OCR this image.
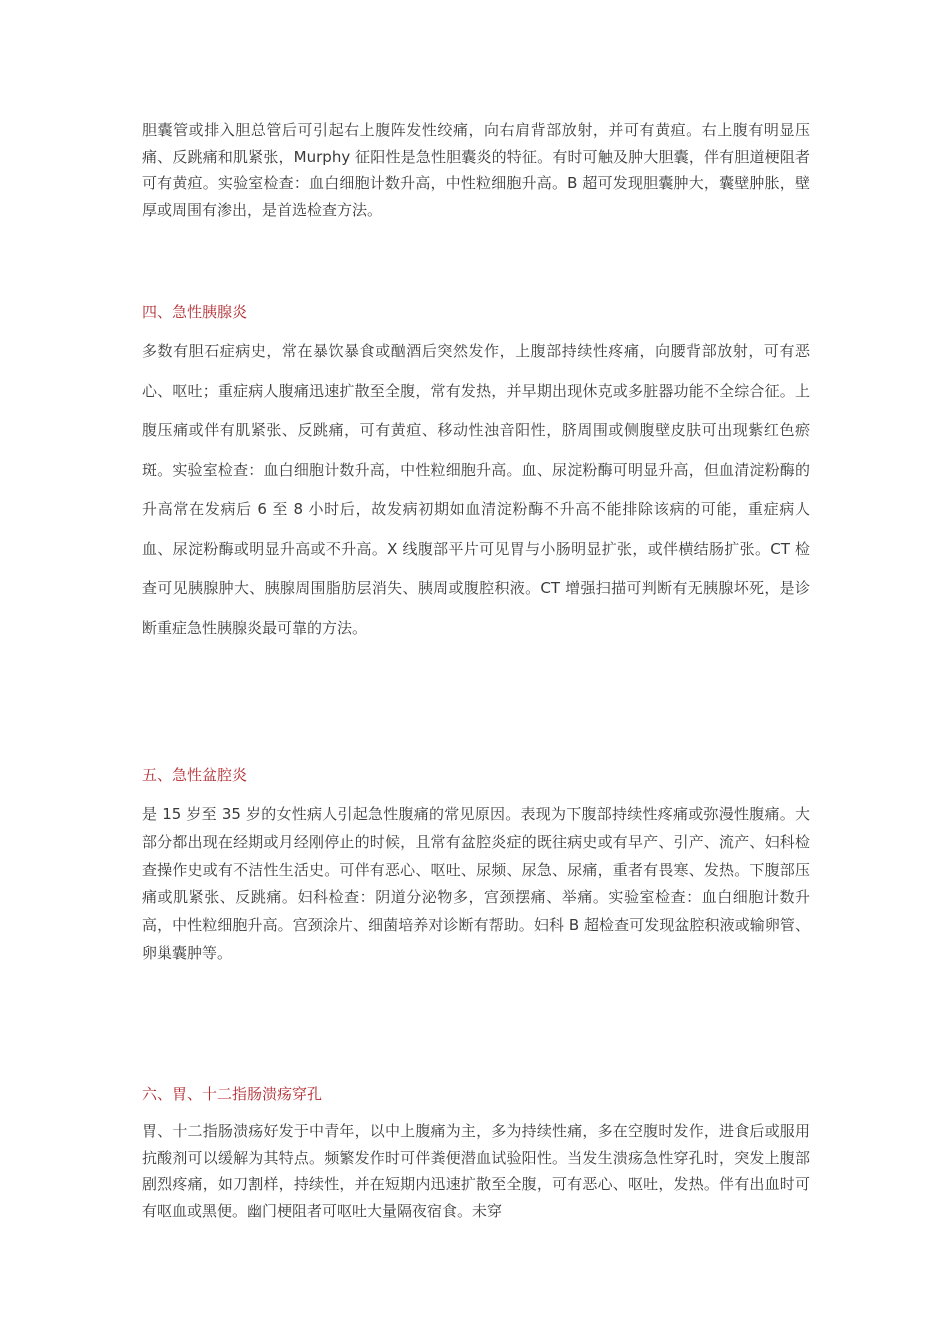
胆囊管或排入胆总管后可引起右上腹阵发性绞痛，向右肩背部放射，并可有黄疸。右上腹有明显压痛、反跳痛和肌紧张，Murphy 征阳性是急性胆囊炎的特征。有时可触及肿大胆囊，伴有胆道梗阻者可有黄疸。实验室检查：血白细胞计数升高，中性粒细胞升高。B 超可发现胆囊肿大，囊壁肿胀，壁厚或周围有渗出，是首选检查方法。

四、急性胰腺炎

多数有胆石症病史，常在暴饮暴食或酗酒后突然发作，上腹部持续性疼痛，向腰背部放射，可有恶心、呕吐；重症病人腹痛迅速扩散至全腹，常有发热，并早期出现休克或多脏器功能不全综合征。上腹压痛或伴有肌紧张、反跳痛，可有黄疸、移动性浊音阳性，脐周围或侧腹壁皮肤可出现紫红色瘀斑。实验室检查：血白细胞计数升高，中性粒细胞升高。血、尿淀粉酶可明显升高，但血清淀粉酶的升高常在发病后 6 至 8 小时后，故发病初期如血清淀粉酶不升高不能排除该病的可能，重症病人血、尿淀粉酶或明显升高或不升高。X 线腹部平片可见胃与小肠明显扩张，或伴横结肠扩张。CT 检查可见胰腺肿大、胰腺周围脂肪层消失、胰周或腹腔积液。CT 增强扫描可判断有无胰腺坏死，是诊断重症急性胰腺炎最可靠的方法。

五、急性盆腔炎

是 15 岁至 35 岁的女性病人引起急性腹痛的常见原因。表现为下腹部持续性疼痛或弥漫性腹痛。大部分都出现在经期或月经刚停止的时候，且常有盆腔炎症的既往病史或有早产、引产、流产、妇科检查操作史或有不洁性生活史。可伴有恶心、呕吐、尿频、尿急、尿痛，重者有畏寒、发热。下腹部压痛或肌紧张、反跳痛。妇科检查：阴道分泌物多，宫颈摆痛、举痛。实验室检查：血白细胞计数升高，中性粒细胞升高。宫颈涂片、细菌培养对诊断有帮助。妇科 B 超检查可发现盆腔积液或输卵管、卵巢囊肿等。

六、胃、十二指肠溃疡穿孔

胃、十二指肠溃疡好发于中青年，以中上腹痛为主，多为持续性痛，多在空腹时发作，进食后或服用抗酸剂可以缓解为其特点。频繁发作时可伴粪便潜血试验阳性。当发生溃疡急性穿孔时，突发上腹部剧烈疼痛，如刀割样，持续性，并在短期内迅速扩散至全腹，可有恶心、呕吐，发热。伴有出血时可有呕血或黑便。幽门梗阻者可呕吐大量隔夜宿食。未穿
